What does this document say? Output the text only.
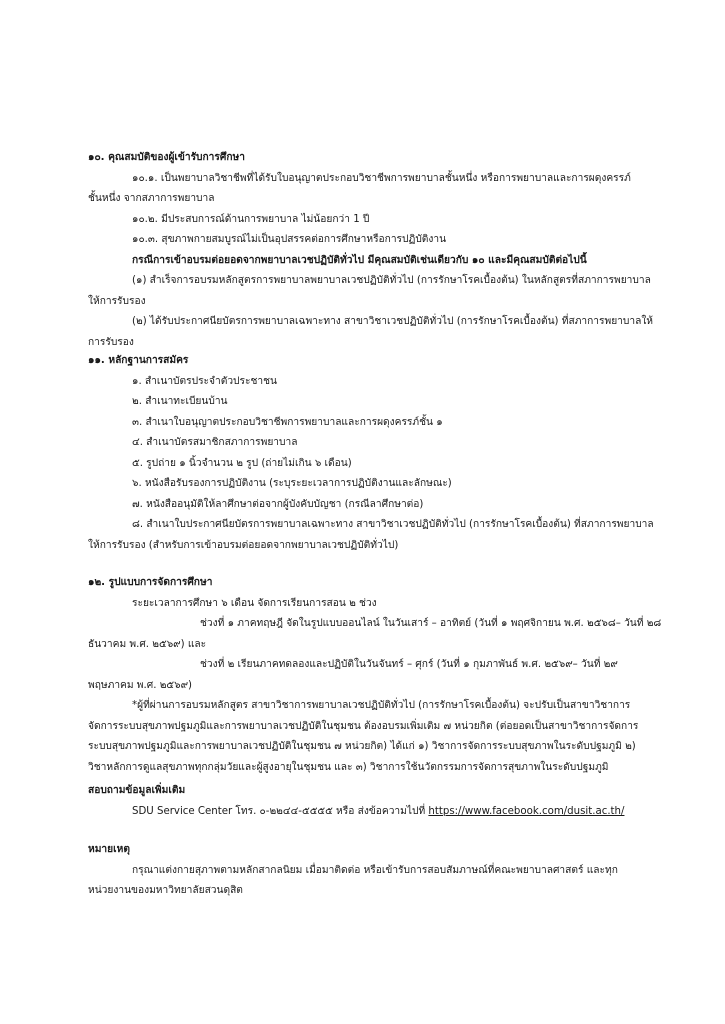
๑๐. คุณสมบัติของผู้เข้ารับการศึกษา

๑๐.๑. เป็นพยาบาลวิชาชีพที่ได้รับใบอนุญาตประกอบวิชาชีพการพยาบาลชั้นหนึ่ง หรือการพยาบาลและการผดุงครรภ์

ชั้นหนึ่ง จากสภาการพยาบาล

๑๐.๒. มีประสบการณ์ด้านการพยาบาล ไม่น้อยกว่า 1 ปี

๑๐.๓. สุขภาพกายสมบูรณ์ไม่เป็นอุปสรรคต่อการศึกษาหรือการปฏิบัติงาน

กรณีการเข้าอบรมต่อยอดจากพยาบาลเวชปฏิบัติทั่วไป มีคุณสมบัติเช่นเดียวกับ ๑๐ และมีคุณสมบัติต่อไปนี้

(๑) สำเร็จการอบรมหลักสูตรการพยาบาลพยาบาลเวชปฏิบัติทั่วไป (การรักษาโรคเบื้องต้น) ในหลักสูตรที่สภาการพยาบาล

ให้การรับรอง

(๒) ได้รับประกาศนียบัตรการพยาบาลเฉพาะทาง สาขาวิชาเวชปฏิบัติทั่วไป (การรักษาโรคเบื้องต้น) ที่สภาการพยาบาลให้

การรับรอง

๑๑. หลักฐานการสมัคร

๑. สำเนาบัตรประจำตัวประชาชน

๒. สำเนาทะเบียนบ้าน

๓. สำเนาใบอนุญาตประกอบวิชาชีพการพยาบาลและการผดุงครรภ์ชั้น ๑

๔. สำเนาบัตรสมาชิกสภาการพยาบาล

๕. รูปถ่าย ๑ นิ้วจำนวน ๒ รูป (ถ่ายไม่เกิน ๖ เดือน)

๖. หนังสือรับรองการปฏิบัติงาน (ระบุระยะเวลาการปฏิบัติงานและลักษณะ)

๗. หนังสืออนุมัติให้ลาศึกษาต่อจากผู้บังคับบัญชา (กรณีลาศึกษาต่อ)

๘. สำเนาใบประกาศนียบัตรการพยาบาลเฉพาะทาง สาขาวิชาเวชปฏิบัติทั่วไป (การรักษาโรคเบื้องต้น) ที่สภาการพยาบาล

ให้การรับรอง (สำหรับการเข้าอบรมต่อยอดจากพยาบาลเวชปฏิบัติทั่วไป)

๑๒. รูปแบบการจัดการศึกษา

ระยะเวลาการศึกษา ๖ เดือน จัดการเรียนการสอน ๒ ช่วง

ช่วงที่ ๑ ภาคทฤษฎี จัดในรูปแบบออนไลน์ ในวันเสาร์ – อาทิตย์ (วันที่ ๑ พฤศจิกายน พ.ศ. ๒๕๖๘– วันที่ ๒๘

ธันวาคม พ.ศ. ๒๕๖๙) และ

ช่วงที่ ๒ เรียนภาคทดลองและปฏิบัติในวันจันทร์ – ศุกร์ (วันที่ ๑ กุมภาพันธ์ พ.ศ. ๒๕๖๙– วันที่ ๒๙

พฤษภาคม พ.ศ. ๒๕๖๙)

*ผู้ที่ผ่านการอบรมหลักสูตร สาขาวิชาการพยาบาลเวชปฏิบัติทั่วไป (การรักษาโรคเบื้องต้น) จะปรับเป็นสาขาวิชาการ

จัดการระบบสุขภาพปฐมภูมิและการพยาบาลเวชปฏิบัติในชุมชน ต้องอบรมเพิ่มเติม ๗ หน่วยกิต (ต่อยอดเป็นสาขาวิชาการจัดการ

ระบบสุขภาพปฐมภูมิและการพยาบาลเวชปฏิบัติในชุมชน ๗ หน่วยกิต) ได้แก่ ๑) วิชาการจัดการระบบสุขภาพในระดับปฐมภูมิ ๒)

วิชาหลักการดูแลสุขภาพทุกกลุ่มวัยและผู้สูงอายุในชุมชน และ ๓) วิชาการใช้นวัตกรรมการจัดการสุขภาพในระดับปฐมภูมิ

สอบถามข้อมูลเพิ่มเติม

SDU Service Center โทร. ๐-๒๒๔๔-๕๕๕๕ หรือ ส่งข้อความไปที่ https://www.facebook.com/dusit.ac.th/

หมายเหตุ

กรุณาแต่งกายสุภาพตามหลักสากลนิยม เมื่อมาติดต่อ หรือเข้ารับการสอบสัมภาษณ์ที่คณะพยาบาลศาสตร์ และทุก

หน่วยงานของมหาวิทยาลัยสวนดุสิต
